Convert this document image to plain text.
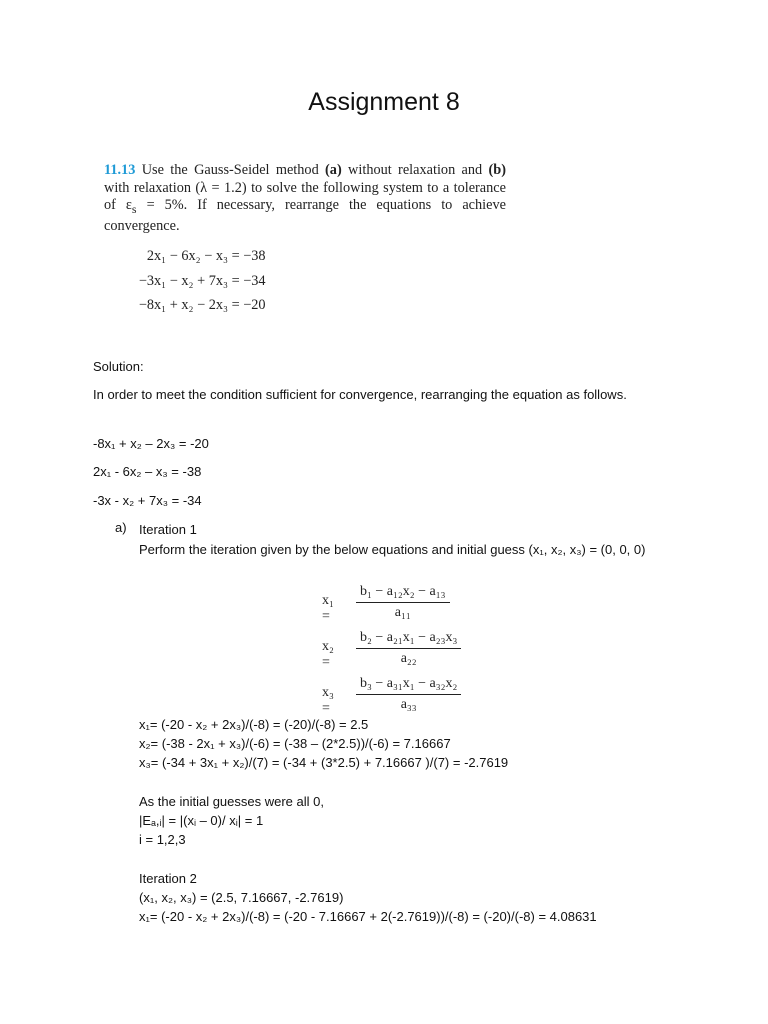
Assignment 8
11.13 Use the Gauss-Seidel method (a) without relaxation and (b) with relaxation (λ = 1.2) to solve the following system to a tolerance of $\varepsilon_s = 5\%$. If necessary, rearrange the equations to achieve convergence.
2x₁ − 6x₂ − x₃ = −38
−3x₁ − x₂ + 7x₃ = −34
−8x₁ + x₂ − 2x₃ = −20
Solution:
In order to meet the condition sufficient for convergence, rearranging the equation as follows.
-8x₁ + x₂ – 2x₃ = -20
2x₁ - 6x₂ – x₃ = -38
-3x - x₂ + 7x₃ = -34
a) Iteration 1
Perform the iteration given by the below equations and initial guess (x₁, x₂, x₃) = (0, 0, 0)
$x_1 = \frac{\text{b₁ − a₁₂x₂ − a₁₃}}{\text{a₁₁}}$
$x_2 = \frac{\text{b₂ − a₂₁x₁ − a₂₃x₃}}{\text{a₂₂}}$
$x_3 = \frac{\text{b₃ − a₃₁x₁ − a₃₂x₂}}{\text{a₃₃}}$
x₁= (-20 - x₂ + 2x₃)/(-8) = (-20)/(-8) = 2.5
x₂= (-38 - 2x₁ + x₃)/(-6) = (-38 – (2*2.5))/(-6) = 7.16667
x₃= (-34 + 3x₁ + x₂)/(7) = (-34 + (3*2.5) + 7.16667 )/(7) = -2.7619
As the initial guesses were all 0,
|Eₐ,ᵢ| = |(xᵢ – 0)/ xᵢ| = 1
i = 1,2,3
Iteration 2
(x₁, x₂, x₃) = (2.5, 7.16667, -2.7619)
x₁= (-20 - x₂ + 2x₃)/(-8) = (-20 - 7.16667 + 2(-2.7619))/(-8) = (-20)/(-8) = 4.08631
